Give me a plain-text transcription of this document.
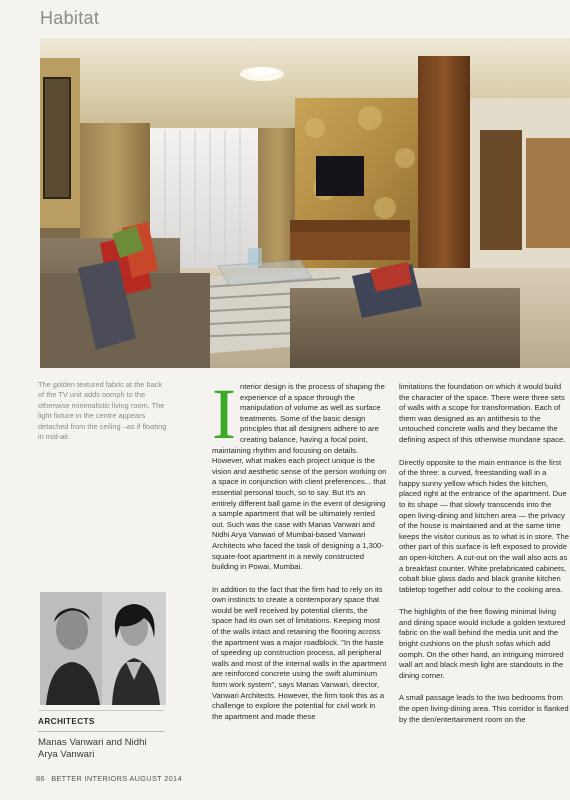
Habitat
The golden textured fabric at the back of the TV unit adds oomph to the otherwise minimalistic living room. The light fixture in the centre appears detached from the ceiling –as if floating in mid-air.	I nterior design is the process of shaping the experience of a space through the manipulation of volume as well as surface treatments. Some of the basic design principles that all designers adhere to are creating balance, having a focal point, maintaining rhythm and focusing on details. However, what makes each project unique is the vision and aesthetic sense of the person working on a space in conjunction with client preferences... that essential personal touch, so to say. But it's an entirely different ball game in the event of designing a sample apartment that will be ultimately rented out. Such was the case with Manas Vanwari and Nidhi Arya Vanwari of Mumbai-based Vanwari Architects who faced the task of designing a 1,300-square-foot apartment in a newly constructed building in Powai, Mumbai.

In addition to the fact that the firm had to rely on its own instincts to create a contemporary space that would be well received by potential clients, the space had its own set of limitations. Keeping most of the walls intact and retaining the flooring across the apartment was a major roadblock. "In the haste of speeding up construction process, all peripheral walls and most of the internal walls in the apartment are reinforced concrete using the swift aluminium form work system", says Manas Vanwari, director, Vanwari Architects. However, the firm took this as a challenge to explore the potential for civil work in the apartment and made these

limitations the foundation on which it would build the character of the space. There were three sets of walls with a scope for transformation. Each of them was designed as an antithesis to the untouched concrete walls and they became the defining aspect of this otherwise mundane space.

Directly opposite to the main entrance is the first of the three: a curved, freestanding wall in a happy sunny yellow which hides the kitchen, placed right at the entrance of the apartment. Due to its shape — that slowly transcends into the open living-dining and kitchen area — the privacy of the house is maintained and at the same time keeps the visitor curious as to what is in store. The other part of this surface is left exposed to provide an open-kitchen. A cut-out on the wall also acts as a breakfast counter. White prefabricated cabinets, cobalt blue glass dado and black granite kitchen tabletop together add colour to the cooking area.

The highlights of the free flowing minimal living and dining space would include a golden textured fabric on the wall behind the media unit and the bright cushions on the plush sofas which add oomph. On the other hand, an intriguing mirrored wall art and black mesh light are standouts in the dining corner.

A small passage leads to the two bedrooms from the open living-dining area. This corridor is flanked by the den/entertainment room on the

ARCHITECTS
Manas Vanwari and Nidhi Arya Vanwari
86 BETTER INTERIORS AUGUST 2014
